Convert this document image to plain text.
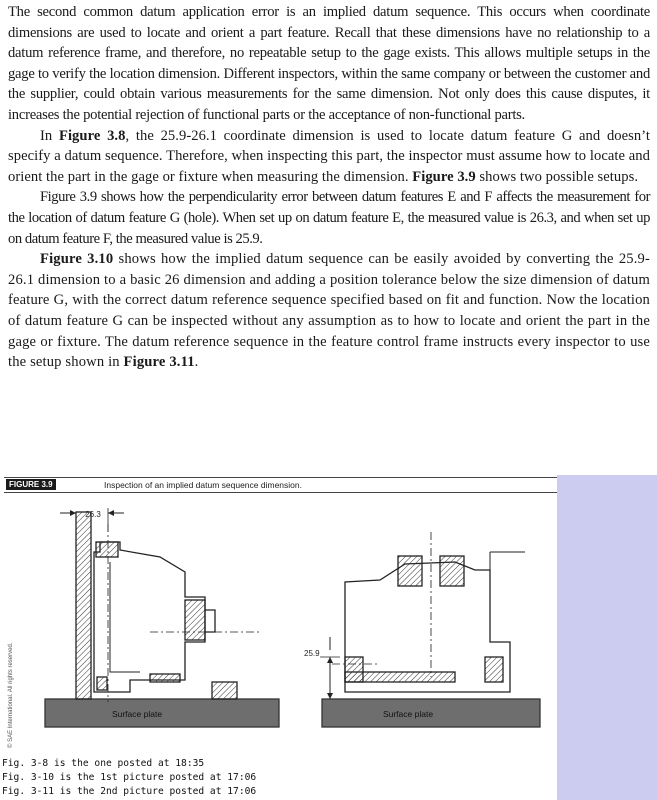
The second common datum application error is an implied datum sequence. This occurs when coordinate dimensions are used to locate and orient a part feature. Recall that these dimensions have no relationship to a datum reference frame, and therefore, no repeatable setup to the gage exists. This allows multiple setups in the gage to verify the location dimension. Different inspectors, within the same company or between the customer and the supplier, could obtain various measurements for the same dimension. Not only does this cause disputes, it increases the potential rejection of functional parts or the acceptance of non-functional parts.

In Figure 3.8, the 25.9-26.1 coordinate dimension is used to locate datum feature G and doesn’t specify a datum sequence. Therefore, when inspecting this part, the inspector must assume how to locate and orient the part in the gage or fixture when measuring the dimension. Figure 3.9 shows two possible setups.

Figure 3.9 shows how the perpendicularity error between datum features E and F affects the measurement for the location of datum feature G (hole). When set up on datum feature E, the measured value is 26.3, and when set up on datum feature F, the measured value is 25.9.

Figure 3.10 shows how the implied datum sequence can be easily avoided by converting the 25.9-26.1 dimension to a basic 26 dimension and adding a position tolerance below the size dimension of datum feature G, with the correct datum reference sequence specified based on fit and function. Now the location of datum feature G can be inspected without any assumption as to how to locate and orient the part in the gage or fixture. The datum reference sequence in the feature control frame instructs every inspector to use the setup shown in Figure 3.11.

FIGURE 3.9	Inspection of an implied datum sequence dimension.
© SAE International. All rights reserved.
26.3
25.9
Surface plate	Surface plate
Fig. 3-8 is the one posted at 18:35
Fig. 3-10 is the 1st picture posted at 17:06
Fig. 3-11 is the 2nd picture posted at 17:06
